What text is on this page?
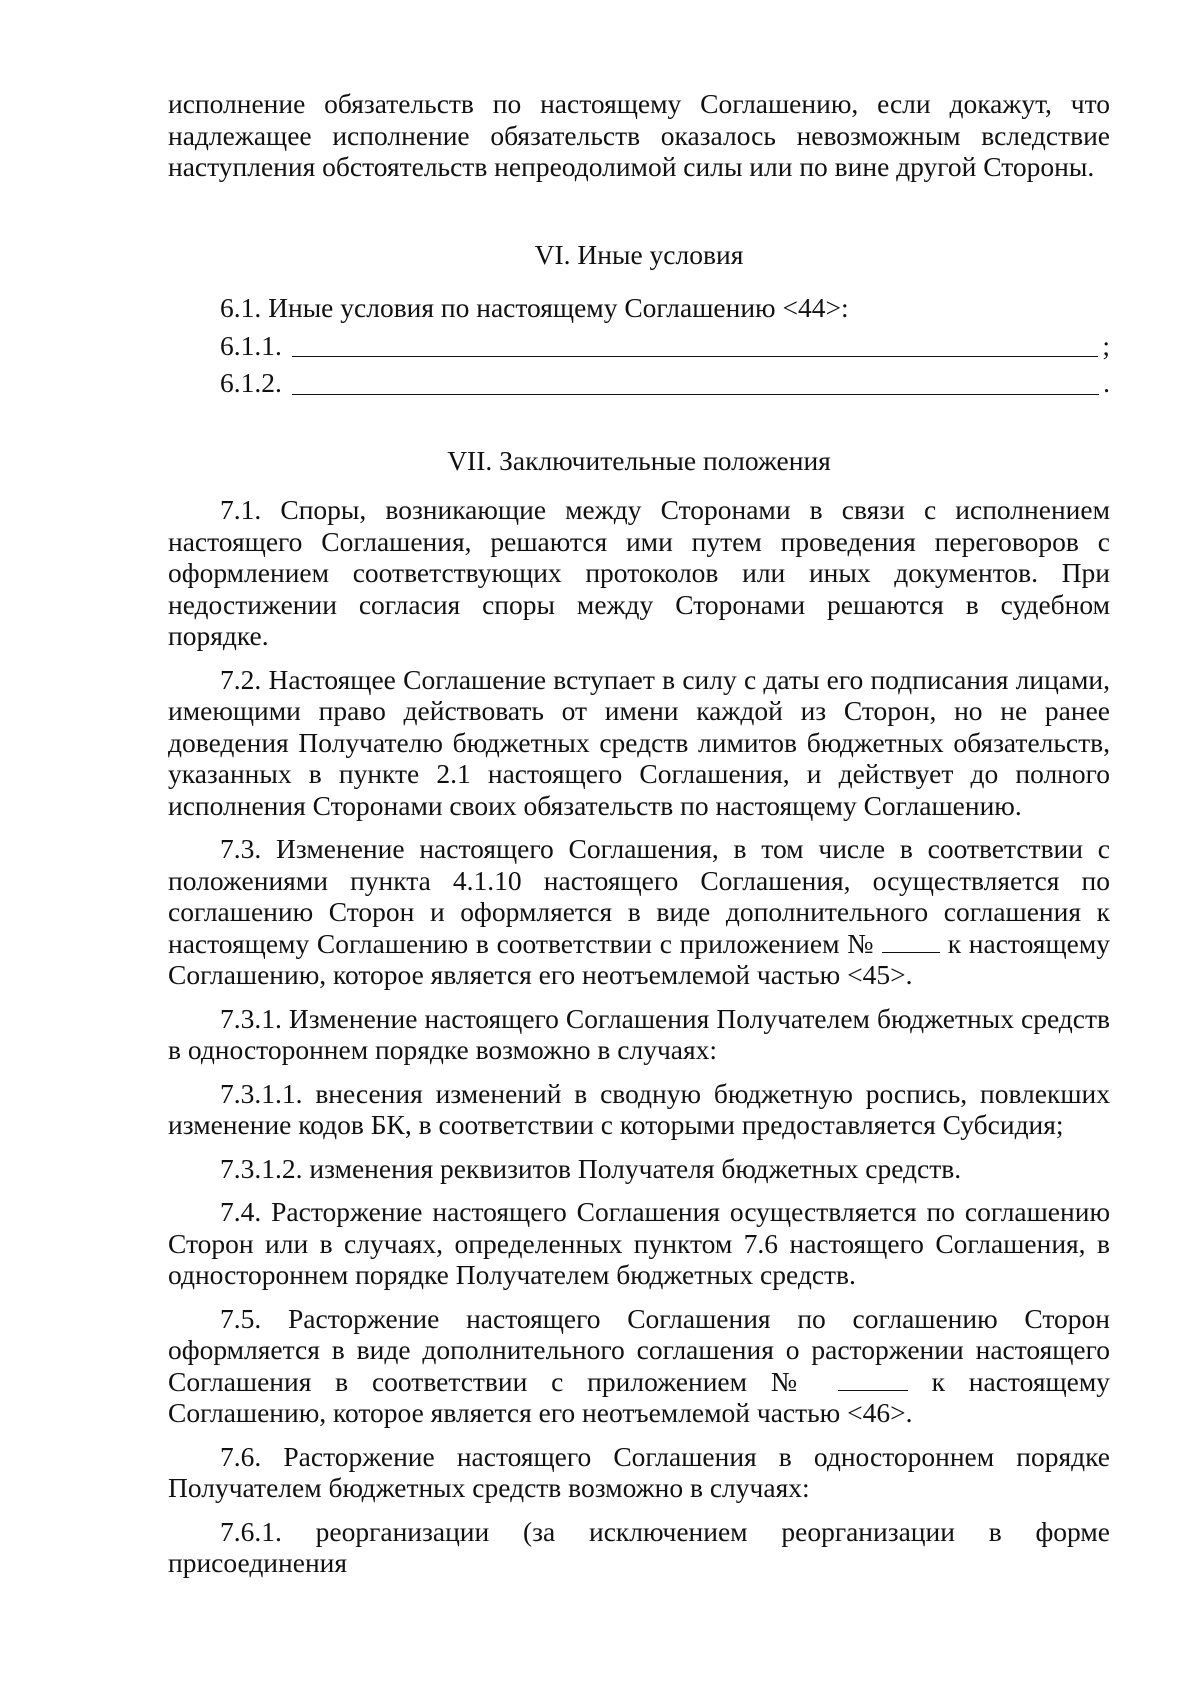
исполнение обязательств по настоящему Соглашению, если докажут, что надлежащее исполнение обязательств оказалось невозможным вследствие наступления обстоятельств непреодолимой силы или по вине другой Стороны.

VI. Иные условия

6.1. Иные условия по настоящему Соглашению <44>:

6.1.1.	;
6.1.2.	.

VII. Заключительные положения

7.1. Споры, возникающие между Сторонами в связи с исполнением настоящего Соглашения, решаются ими путем проведения переговоров с оформлением соответствующих протоколов или иных документов. При недостижении согласия споры между Сторонами решаются в судебном порядке.

7.2. Настоящее Соглашение вступает в силу с даты его подписания лицами, имеющими право действовать от имени каждой из Сторон, но не ранее доведения Получателю бюджетных средств лимитов бюджетных обязательств, указанных в пункте 2.1 настоящего Соглашения, и действует до полного исполнения Сторонами своих обязательств по настоящему Соглашению.

7.3. Изменение настоящего Соглашения, в том числе в соответствии с положениями пункта 4.1.10 настоящего Соглашения, осуществляется по соглашению Сторон и оформляется в виде дополнительного соглашения к настоящему Соглашению в соответствии с приложением №	к настоящему Соглашению, которое является его неотъемлемой частью <45>.

7.3.1. Изменение настоящего Соглашения Получателем бюджетных средств в одностороннем порядке возможно в случаях:

7.3.1.1. внесения изменений в сводную бюджетную роспись, повлекших изменение кодов БК, в соответствии с которыми предоставляется Субсидия;

7.3.1.2. изменения реквизитов Получателя бюджетных средств.

7.4. Расторжение настоящего Соглашения осуществляется по соглашению Сторон или в случаях, определенных пунктом 7.6 настоящего Соглашения, в одностороннем порядке Получателем бюджетных средств.

7.5. Расторжение настоящего Соглашения по соглашению Сторон оформляется в виде дополнительного соглашения о расторжении настоящего Соглашения в соответствии с приложением №	к настоящему Соглашению, которое является его неотъемлемой частью <46>.

7.6. Расторжение настоящего Соглашения в одностороннем порядке Получателем бюджетных средств возможно в случаях:

7.6.1. реорганизации (за исключением реорганизации в форме присоединения
